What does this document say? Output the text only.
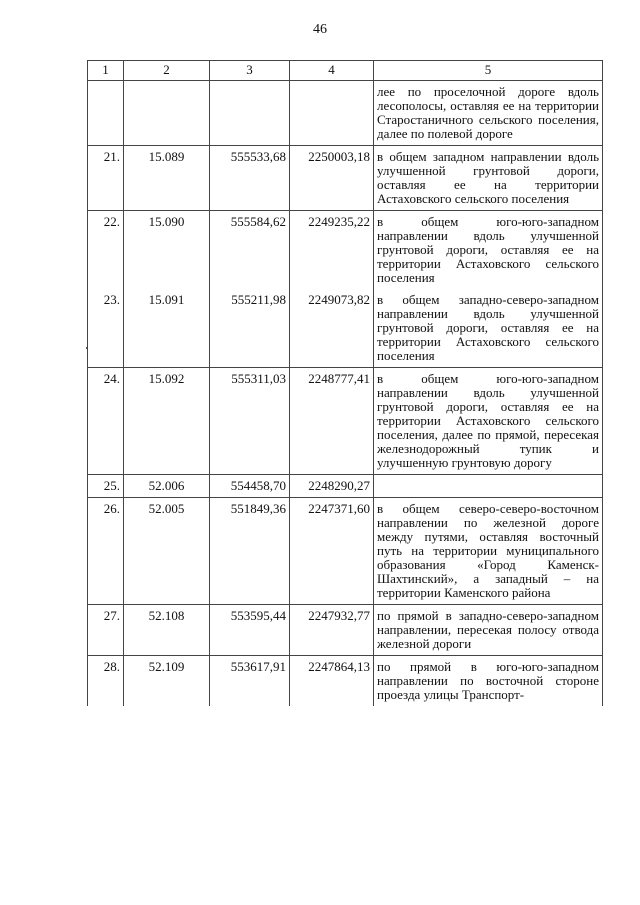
46
1	2	3	4	5
				лее по проселочной дороге вдоль лесополосы, оставляя ее на территории Старостаничного сельского поселения, далее по полевой дороге
21.	15.089	555533,68	2250003,18	в общем западном направлении вдоль улучшенной грунтовой дороги, оставляя ее на территории Астаховского сельского поселения
22.	15.090	555584,62	2249235,22	в общем юго-юго-западном направлении вдоль улучшенной грунтовой дороги, оставляя ее на территории Астаховского сельского поселения
23.	15.091	555211,98	2249073,82	в общем западно-северо-западном направлении вдоль улучшенной грунтовой дороги, оставляя ее на территории Астаховского сельского поселения
24.	15.092	555311,03	2248777,41	в общем юго-юго-западном направлении вдоль улучшенной грунтовой дороги, оставляя ее на территории Астаховского сельского поселения, далее по прямой, пересекая железнодорожный тупик и улучшенную грунтовую дорогу
25.	52.006	554458,70	2248290,27	
26.	52.005	551849,36	2247371,60	в общем северо-северо-восточном направлении по железной дороге между путями, оставляя восточный путь на территории муниципального образования «Город Каменск-Шахтинский», а западный – на территории Каменского района
27.	52.108	553595,44	2247932,77	по прямой в западно-северо-западном направлении, пересекая полосу отвода железной дороги
28.	52.109	553617,91	2247864,13	по прямой в юго-юго-западном направлении по восточной стороне проезда улицы Транспорт-
